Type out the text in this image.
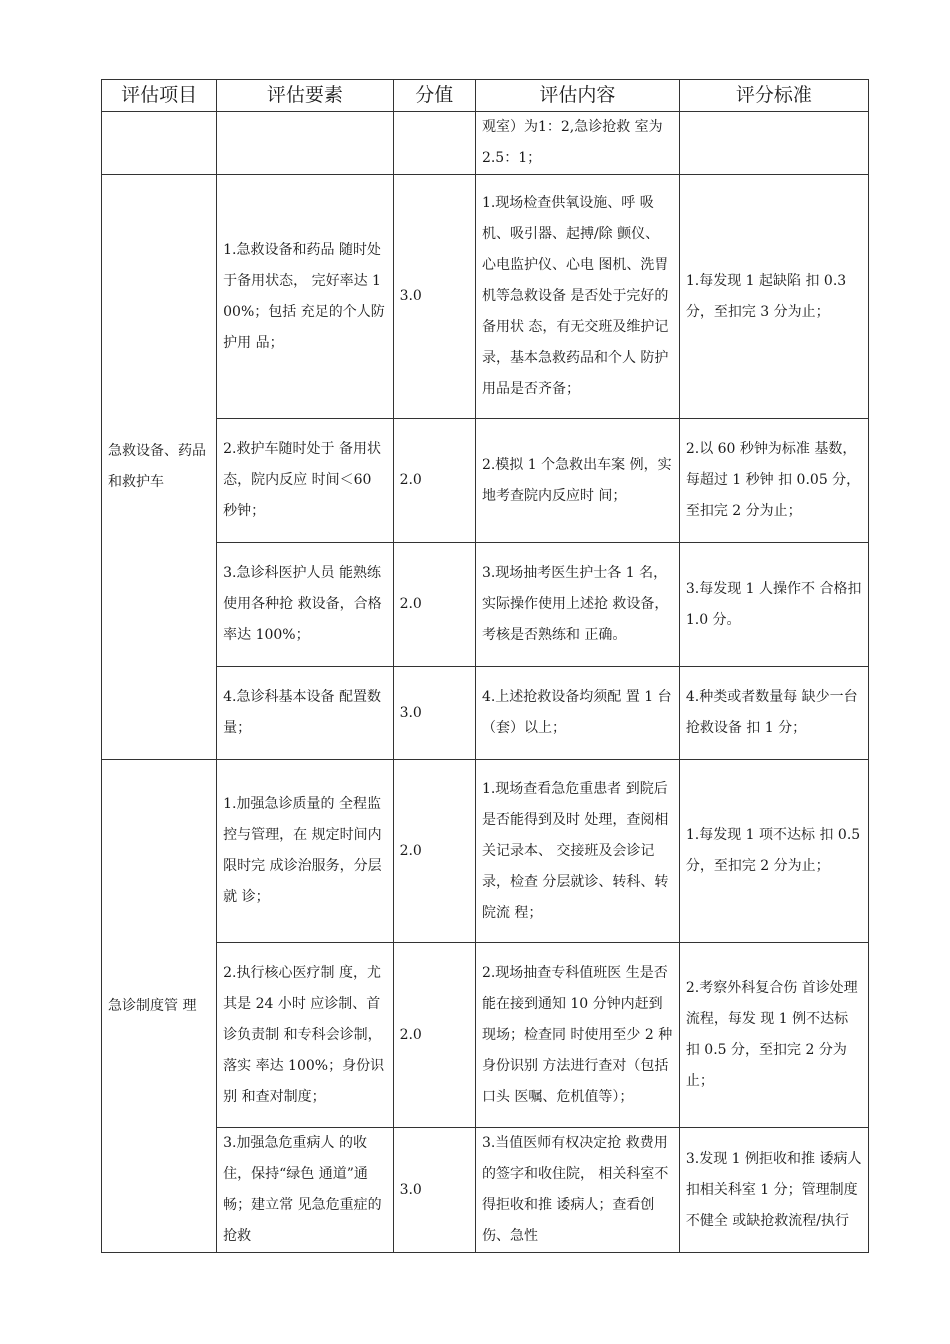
评估项目	评估要素	分值	评估内容	评分标准
			观室）为1：2,急诊抢救 室为2.5：1；	
急救设备、药品和救护车	1.急救设备和药品 随时处于备用状态， 完好率达 100%；包括 充足的个人防护用 品；	3.0	1.现场检查供氧设施、呼 吸机、吸引器、起搏/除 颤仪、心电监护仪、心电 图机、洗胃机等急救设备 是否处于完好的备用状 态，有无交班及维护记 录，基本急救药品和个人 防护用品是否齐备；	1.每发现 1 起缺陷 扣 0.3 分，至扣完 3 分为止；
	2.救护车随时处于 备用状态，院内反应 时间＜60 秒钟；	2.0	2.模拟 1 个急救出车案 例，实地考查院内反应时 间；	2.以 60 秒钟为标准 基数，每超过 1 秒钟 扣 0.05 分，至扣完 2 分为止；
	3.急诊科医护人员 能熟练使用各种抢 救设备，合格率达 100%；	2.0	3.现场抽考医生护士各 1 名，实际操作使用上述抢 救设备，考核是否熟练和 正确。	3.每发现 1 人操作不 合格扣 1.0 分。
	4.急诊科基本设备 配置数量；	3.0	4.上述抢救设备均须配 置 1 台（套）以上；	4.种类或者数量每 缺少一台抢救设备 扣 1 分；
急诊制度管 理	1.加强急诊质量的 全程监控与管理，在 规定时间内限时完 成诊治服务，分层就 诊；	2.0	1.现场查看急危重患者 到院后是否能得到及时 处理，查阅相关记录本、 交接班及会诊记录，检查 分层就诊、转科、转院流 程；	1.每发现 1 项不达标 扣 0.5 分，至扣完 2 分为止；
	2.执行核心医疗制 度，尤其是 24 小时 应诊制、首诊负责制 和专科会诊制，落实 率达 100%；身份识别 和查对制度；	2.0	2.现场抽查专科值班医 生是否能在接到通知 10 分钟内赶到现场；检查同 时使用至少 2 种身份识别 方法进行查对（包括口头 医嘱、危机值等）；	2.考察外科复合伤 首诊处理流程，每发 现 1 例不达标扣 0.5 分，至扣完 2 分为止；
	3.加强急危重病人 的收住，保持“绿色 通道”通畅；建立常 见急危重症的抢救	3.0	3.当值医师有权决定抢 救费用的签字和收住院， 相关科室不得拒收和推 诿病人；查看创伤、急性	3.发现 1 例拒收和推 诿病人扣相关科室 1 分；管理制度不健全 或缺抢救流程/执行
